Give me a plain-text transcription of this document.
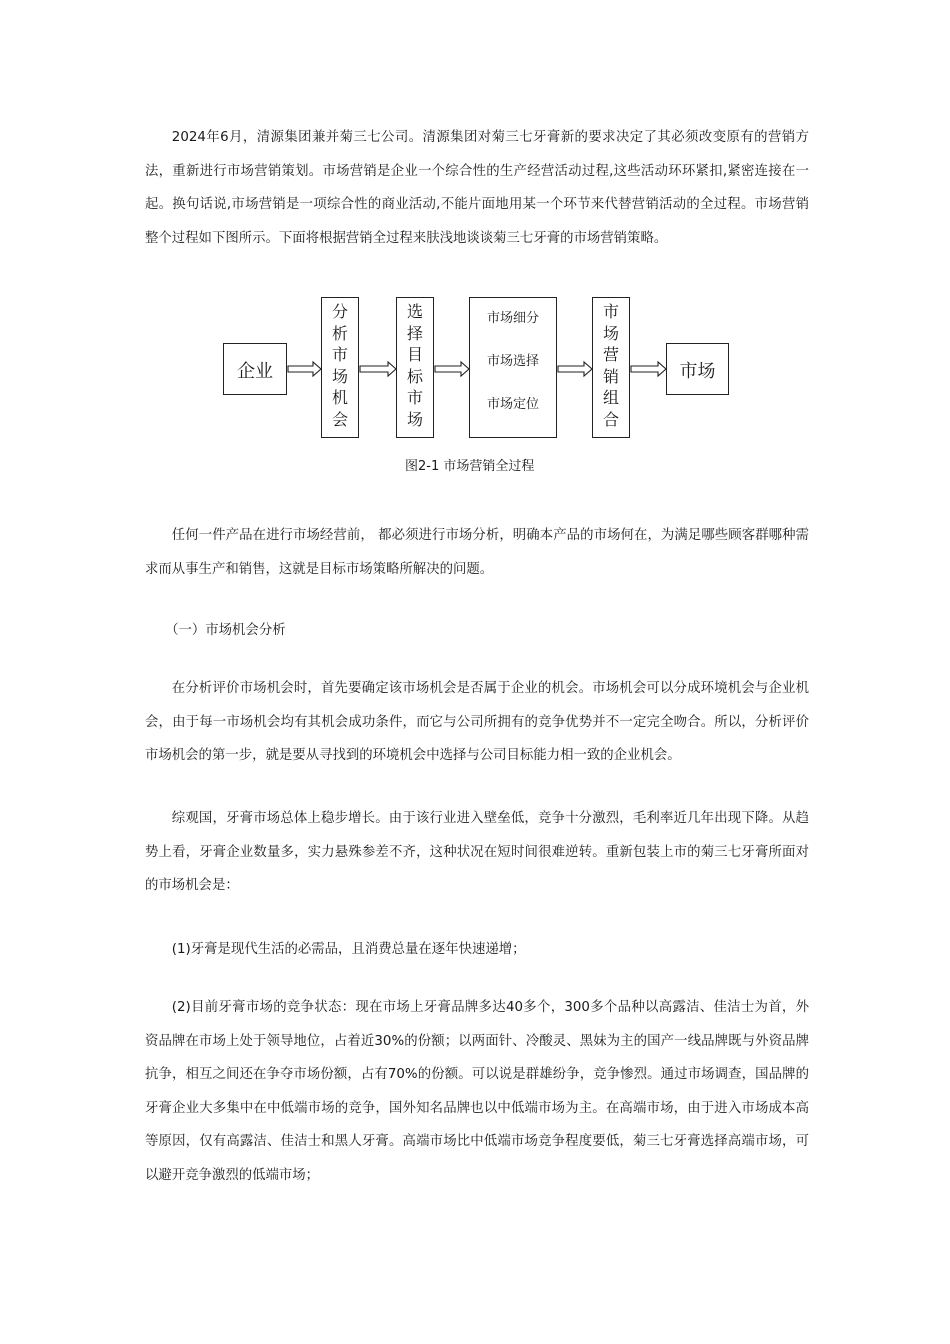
2024年6月，清源集团兼并菊三七公司。清源集团对菊三七牙膏新的要求决定了其必须改变原有的营销方法，重新进行市场营销策划。市场营销是企业一个综合性的生产经营活动过程,这些活动环环紧扣,紧密连接在一起。换句话说,市场营销是一项综合性的商业活动,不能片面地用某一个环节来代替营销活动的全过程。市场营销整个过程如下图所示。下面将根据营销全过程来肤浅地谈谈菊三七牙膏的市场营销策略。

企业
分
析
市
场
机
会
选
择
目
标
市
场
市场细分
市场选择
市场定位
市
场
营
销
组
合
市场
图2-1 市场营销全过程

任何一件产品在进行市场经营前， 都必须进行市场分析，明确本产品的市场何在，为满足哪些顾客群哪种需求而从事生产和销售，这就是目标市场策略所解决的问题。

（一）市场机会分析

在分析评价市场机会时，首先要确定该市场机会是否属于企业的机会。市场机会可以分成环境机会与企业机会，由于每一市场机会均有其机会成功条件，而它与公司所拥有的竞争优势并不一定完全吻合。所以，分析评价市场机会的第一步，就是要从寻找到的环境机会中选择与公司目标能力相一致的企业机会。

综观国，牙膏市场总体上稳步增长。由于该行业进入壁垒低，竞争十分激烈，毛利率近几年出现下降。从趋势上看，牙膏企业数量多，实力悬殊参差不齐，这种状况在短时间很难逆转。重新包装上市的菊三七牙膏所面对的市场机会是：

(1)牙膏是现代生活的必需品，且消费总量在逐年快速递增；

(2)目前牙膏市场的竞争状态：现在市场上牙膏品牌多达40多个，300多个品种以高露洁、佳洁士为首，外资品牌在市场上处于领导地位，占着近30%的份额；以两面针、冷酸灵、黑妹为主的国产一线品牌既与外资品牌抗争，相互之间还在争夺市场份额，占有70%的份额。可以说是群雄纷争，竞争惨烈。通过市场调查，国品牌的牙膏企业大多集中在中低端市场的竞争，国外知名品牌也以中低端市场为主。在高端市场，由于进入市场成本高等原因，仅有高露洁、佳洁士和黑人牙膏。高端市场比中低端市场竞争程度要低，菊三七牙膏选择高端市场，可以避开竞争激烈的低端市场；
